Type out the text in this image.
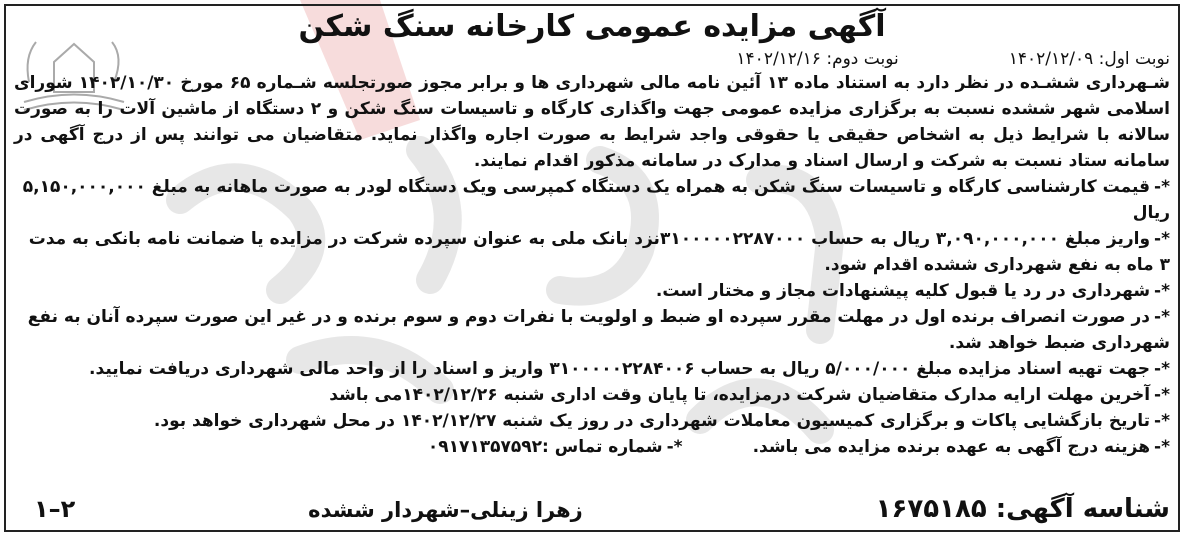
آگهی مزایده عمومی کارخانه سنگ شکن
نوبت اول: ۱۴۰۲/۱۲/۰۹
نوبت دوم: ۱۴۰۲/۱۲/۱۶

شـهرداری ششـده در نظر دارد به استناد ماده ۱۳ آئین نامه مالی شهرداری ها و برابر مجوز صورتجلسه شـماره ۶۵ مورخ ۱۴۰۲/۱۰/۳۰ شورای اسلامی شهر ششده نسبت به برگزاری مزایده عمومی جهت واگذاری کارگاه و تاسیسات سنگ شکن و ۲ دستگاه از ماشین آلات را به صورت سالانه با شرایط ذیل به اشخاص حقیقی یا حقوقی واجد شرایط به صورت اجاره واگذار نماید. متقاضیان می توانند پس از درج آگهی در سامانه ستاد نسبت به شرکت و ارسال اسناد و مدارک در سامانه مذکور اقدام نمایند.

*-قیمت کارشناسی کارگاه و تاسیسات سنگ شکن به همراه یک دستگاه کمپرسی ویک دستگاه لودر به صورت ماهانه به مبلغ ۵,۱۵۰,۰۰۰,۰۰۰ ریال

*-واریز مبلغ ۳,۰۹۰,۰۰۰,۰۰۰ ریال به حساب ۳۱۰۰۰۰۰۲۲۸۷۰۰۰نزد بانک ملی به عنوان سپرده شرکت در مزایده یا ضمانت نامه بانکی به مدت ۳ ماه به نفع شهرداری ششده اقدام شود.

*-شهرداری در رد یا قبول کلیه پیشنهادات مجاز و مختار است.

*-در صورت انصراف برنده اول در مهلت مقرر سپرده او ضبط و اولویت با نفرات دوم و سوم برنده و در غیر این صورت سپرده آنان به نفع شهرداری ضبط خواهد شد.

*-جهت تهیه اسناد مزایده مبلغ ۵/۰۰۰/۰۰۰ ریال به حساب ۳۱۰۰۰۰۰۲۲۸۴۰۰۶ واریز و اسناد را از واحد مالی شهرداری دریافت نمایید.

*-آخرین مهلت ارایه مدارک متقاضیان شرکت درمزایده، تا پایان وقت اداری شنبه ۱۴۰۲/۱۲/۲۶می باشد

*-تاریخ بازگشایی پاکات و برگزاری کمیسیون معاملات شهرداری در روز یک شنبه ۱۴۰۲/۱۲/۲۷ در محل شهرداری خواهد بود.

*-هزینه درج آگهی به عهده برنده مزایده می باشد.
*-شماره تماس :۰۹۱۷۱۳۵۷۵۹۲
شناسه آگهی: ۱۶۷۵۱۸۵
زهرا زینلی–شهردار ششده
۲–۱
